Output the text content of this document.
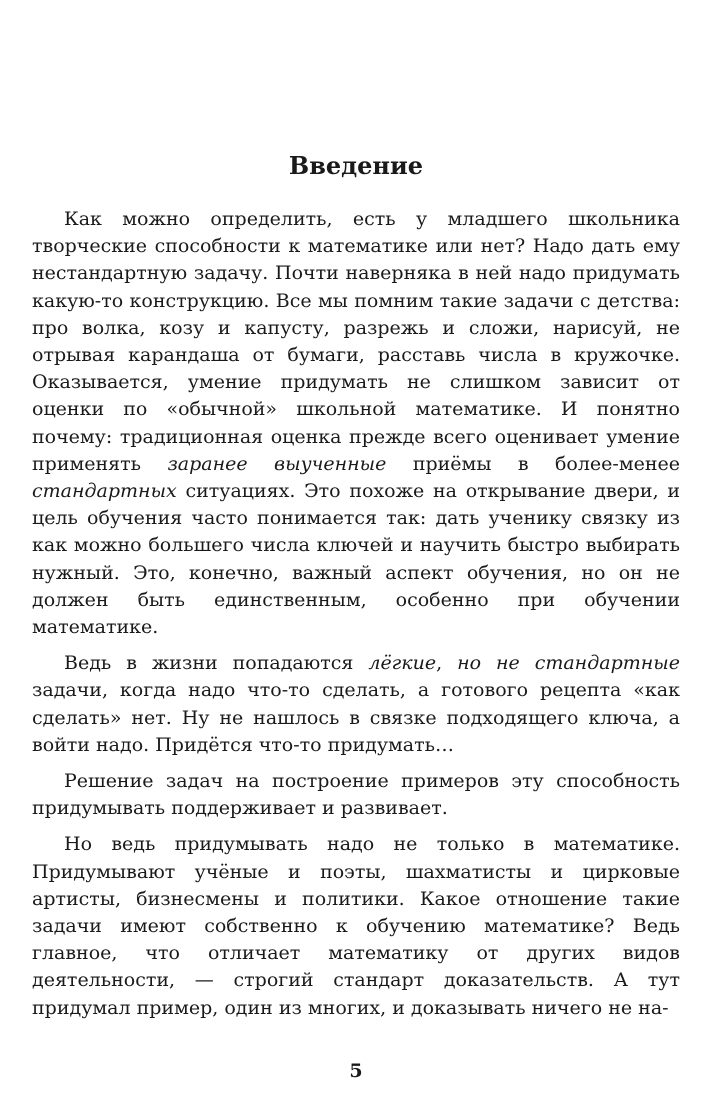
Введение

Как можно определить, есть у младшего школьника творческие способности к математике или нет? Надо дать ему нестандартную задачу. Почти наверняка в ней надо придумать какую-то конструкцию. Все мы помним такие задачи с детства: про волка, козу и капусту, разрежь и сложи, нарисуй, не отрывая карандаша от бумаги, расставь числа в кружочке. Оказывается, умение придумать не слишком зависит от оценки по «обычной» школьной математике. И понятно почему: традиционная оценка прежде всего оценивает умение применять заранее выученные приёмы в более-менее стандартных ситуациях. Это похоже на открывание двери, и цель обучения часто понимается так: дать ученику связку из как можно большего числа ключей и научить быстро выбирать нужный. Это, конечно, важный аспект обучения, но он не должен быть единственным, особенно при обучении математике.

Ведь в жизни попадаются лёгкие, но не стандартные задачи, когда надо что-то сделать, а готового рецепта «как сделать» нет. Ну не нашлось в связке подходящего ключа, а войти надо. Придётся что-то придумать…

Решение задач на построение примеров эту способность придумывать поддерживает и развивает.

Но ведь придумывать надо не только в математике. Придумывают учёные и поэты, шахматисты и цирковые артисты, бизнесмены и политики. Какое отношение такие задачи имеют собственно к обучению математике? Ведь главное, что отличает математику от других видов деятельности, — строгий стандарт доказательств. А тут придумал пример, один из многих, и доказывать ничего не на-

5
